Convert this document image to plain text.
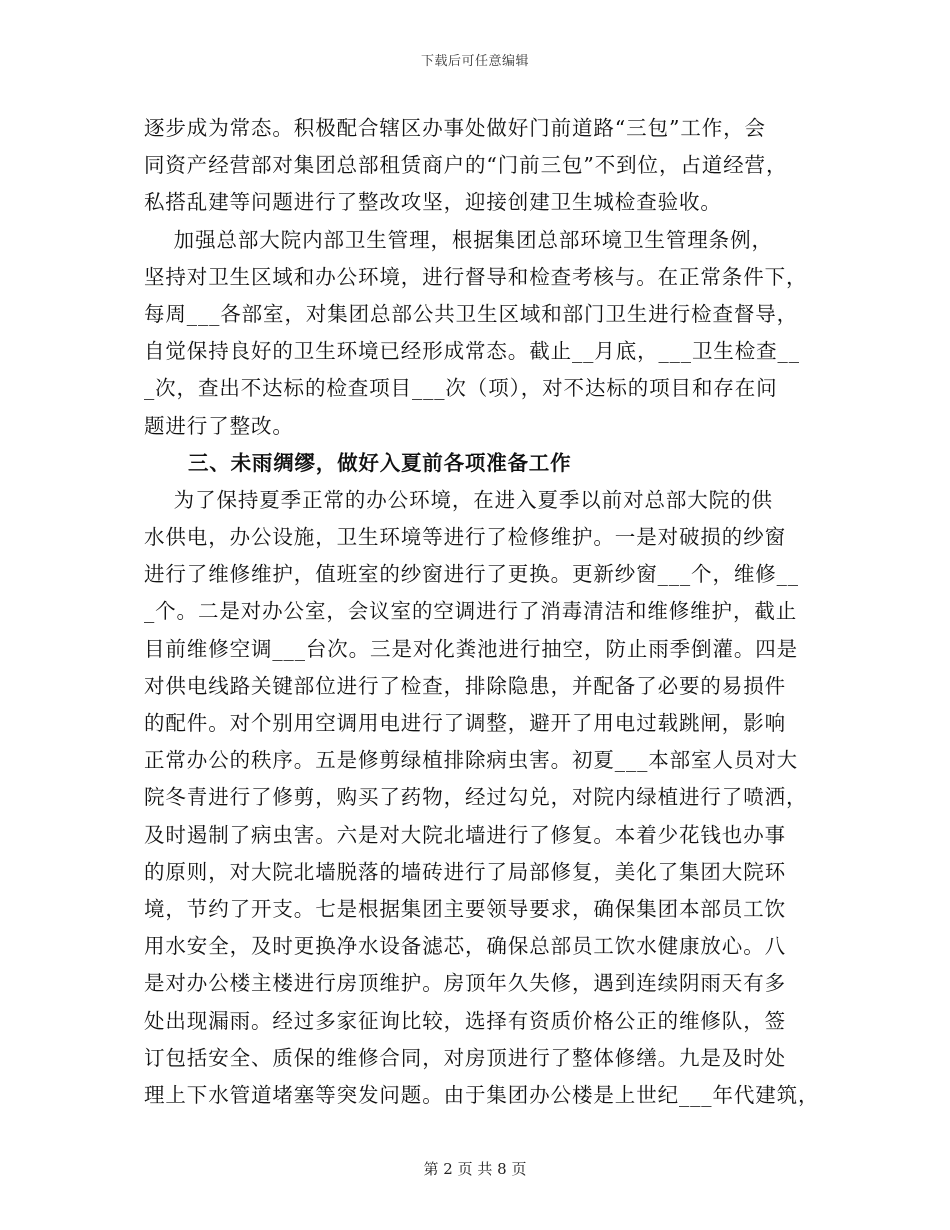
下载后可任意编辑
逐步成为常态。积极配合辖区办事处做好门前道路“三包”工作，会
同资产经营部对集团总部租赁商户的“门前三包”不到位，占道经营，
私搭乱建等问题进行了整改攻坚，迎接创建卫生城检查验收。
加强总部大院内部卫生管理，根据集团总部环境卫生管理条例，
坚持对卫生区域和办公环境，进行督导和检查考核与。在正常条件下，
每周___各部室，对集团总部公共卫生区域和部门卫生进行检查督导，
自觉保持良好的卫生环境已经形成常态。截止__月底，___卫生检查__
_次，查出不达标的检查项目___次（项），对不达标的项目和存在问
题进行了整改。
三、未雨绸缪，做好入夏前各项准备工作
为了保持夏季正常的办公环境，在进入夏季以前对总部大院的供
水供电，办公设施，卫生环境等进行了检修维护。一是对破损的纱窗
进行了维修维护，值班室的纱窗进行了更换。更新纱窗___个，维修__
_个。二是对办公室，会议室的空调进行了消毒清洁和维修维护，截止
目前维修空调___台次。三是对化粪池进行抽空，防止雨季倒灌。四是
对供电线路关键部位进行了检查，排除隐患，并配备了必要的易损件
的配件。对个别用空调用电进行了调整，避开了用电过载跳闸，影响
正常办公的秩序。五是修剪绿植排除病虫害。初夏___本部室人员对大
院冬青进行了修剪，购买了药物，经过勾兑，对院内绿植进行了喷洒，
及时遏制了病虫害。六是对大院北墙进行了修复。本着少花钱也办事
的原则，对大院北墙脱落的墙砖进行了局部修复，美化了集团大院环
境，节约了开支。七是根据集团主要领导要求，确保集团本部员工饮
用水安全，及时更换净水设备滤芯，确保总部员工饮水健康放心。八
是对办公楼主楼进行房顶维护。房顶年久失修，遇到连续阴雨天有多
处出现漏雨。经过多家征询比较，选择有资质价格公正的维修队，签
订包括安全、质保的维修合同，对房顶进行了整体修缮。九是及时处
理上下水管道堵塞等突发问题。由于集团办公楼是上世纪___年代建筑，
第 2 页 共 8 页
